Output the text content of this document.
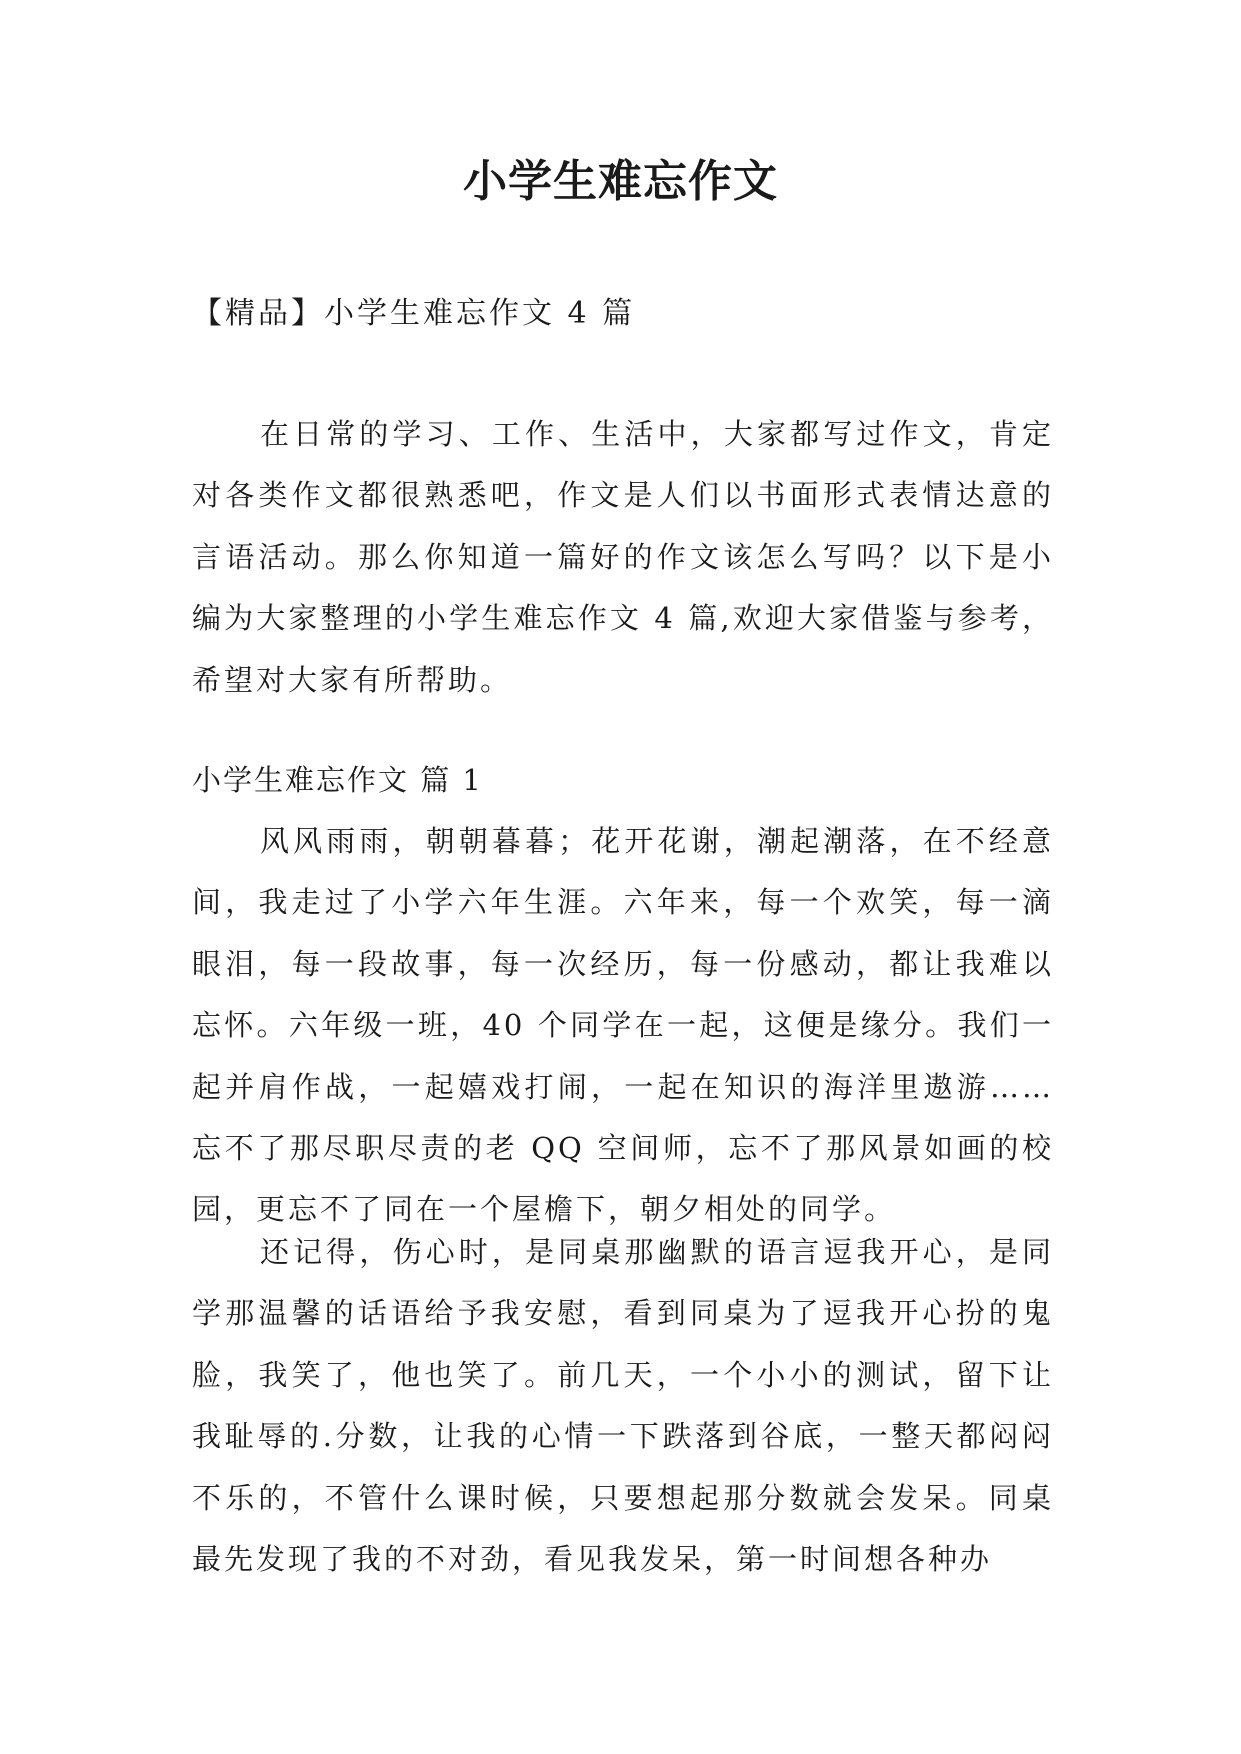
小学生难忘作文
【精品】小学生难忘作文 4 篇

在日常的学习、工作、生活中，大家都写过作文，肯定对各类作文都很熟悉吧，作文是人们以书面形式表情达意的言语活动。那么你知道一篇好的作文该怎么写吗？以下是小编为大家整理的小学生难忘作文 4 篇,欢迎大家借鉴与参考，希望对大家有所帮助。

小学生难忘作文 篇 1

风风雨雨，朝朝暮暮；花开花谢，潮起潮落，在不经意间，我走过了小学六年生涯。六年来，每一个欢笑，每一滴眼泪，每一段故事，每一次经历，每一份感动，都让我难以忘怀。六年级一班，40 个同学在一起，这便是缘分。我们一起并肩作战，一起嬉戏打闹，一起在知识的海洋里遨游……忘不了那尽职尽责的老 QQ 空间师，忘不了那风景如画的校园，更忘不了同在一个屋檐下，朝夕相处的同学。

还记得，伤心时，是同桌那幽默的语言逗我开心，是同学那温馨的话语给予我安慰，看到同桌为了逗我开心扮的鬼脸，我笑了，他也笑了。前几天，一个小小的测试，留下让我耻辱的.分数，让我的心情一下跌落到谷底，一整天都闷闷不乐的，不管什么课时候，只要想起那分数就会发呆。同桌最先发现了我的不对劲，看见我发呆，第一时间想各种办
